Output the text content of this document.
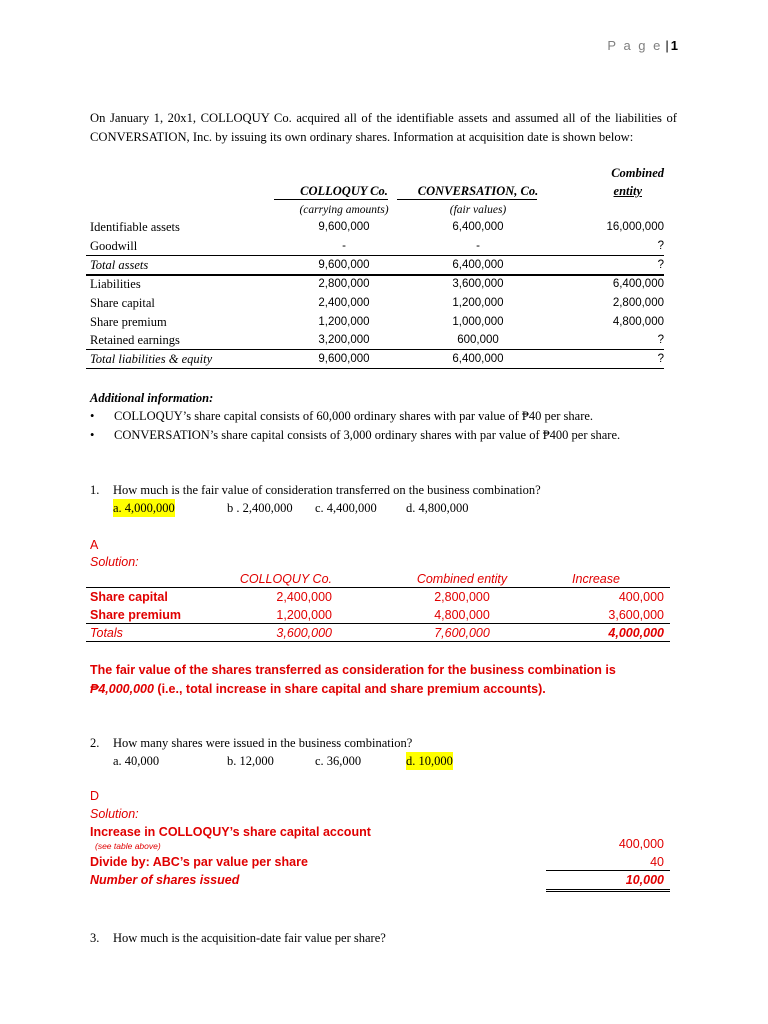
P a g e | 1
On January 1, 20x1, COLLOQUY Co. acquired all of the identifiable assets and assumed all of the liabilities of CONVERSATION, Inc. by issuing its own ordinary shares. Information at acquisition date is shown below:
Combined
entity
COLLOQUY Co.	CONVERSATION, Co.
(carrying amounts)	(fair values)
Identifiable assets	9,600,000	6,400,000	16,000,000
Goodwill	-	-	?
Total assets	9,600,000	6,400,000	?
Liabilities	2,800,000	3,600,000	6,400,000
Share capital	2,400,000	1,200,000	2,800,000
Share premium	1,200,000	1,000,000	4,800,000
Retained earnings	3,200,000	600,000	?
Total liabilities & equity	9,600,000	6,400,000	?
Additional information:
• COLLOQUY’s share capital consists of 60,000 ordinary shares with par value of ₱40 per share.
• CONVERSATION’s share capital consists of 3,000 ordinary shares with par value of ₱400 per share.
1. How much is the fair value of consideration transferred on the business combination?
a. 4,000,000	b . 2,400,000 c. 4,400,000 d. 4,800,000
A
Solution:
COLLOQUY Co.	Combined entity	Increase
Share capital	2,400,000	2,800,000	400,000
Share premium	1,200,000	4,800,000	3,600,000
Totals	3,600,000	7,600,000	4,000,000
The fair value of the shares transferred as consideration for the business combination is ₱4,000,000 (i.e., total increase in share capital and share premium accounts).
2. How many shares were issued in the business combination?
a. 40,000	b. 12,000	c. 36,000	d. 10,000
D
Solution:
Increase in COLLOQUY’s share capital account
(see table above)	400,000
Divide by: ABC’s par value per share	40
Number of shares issued	10,000
3. How much is the acquisition-date fair value per share?
